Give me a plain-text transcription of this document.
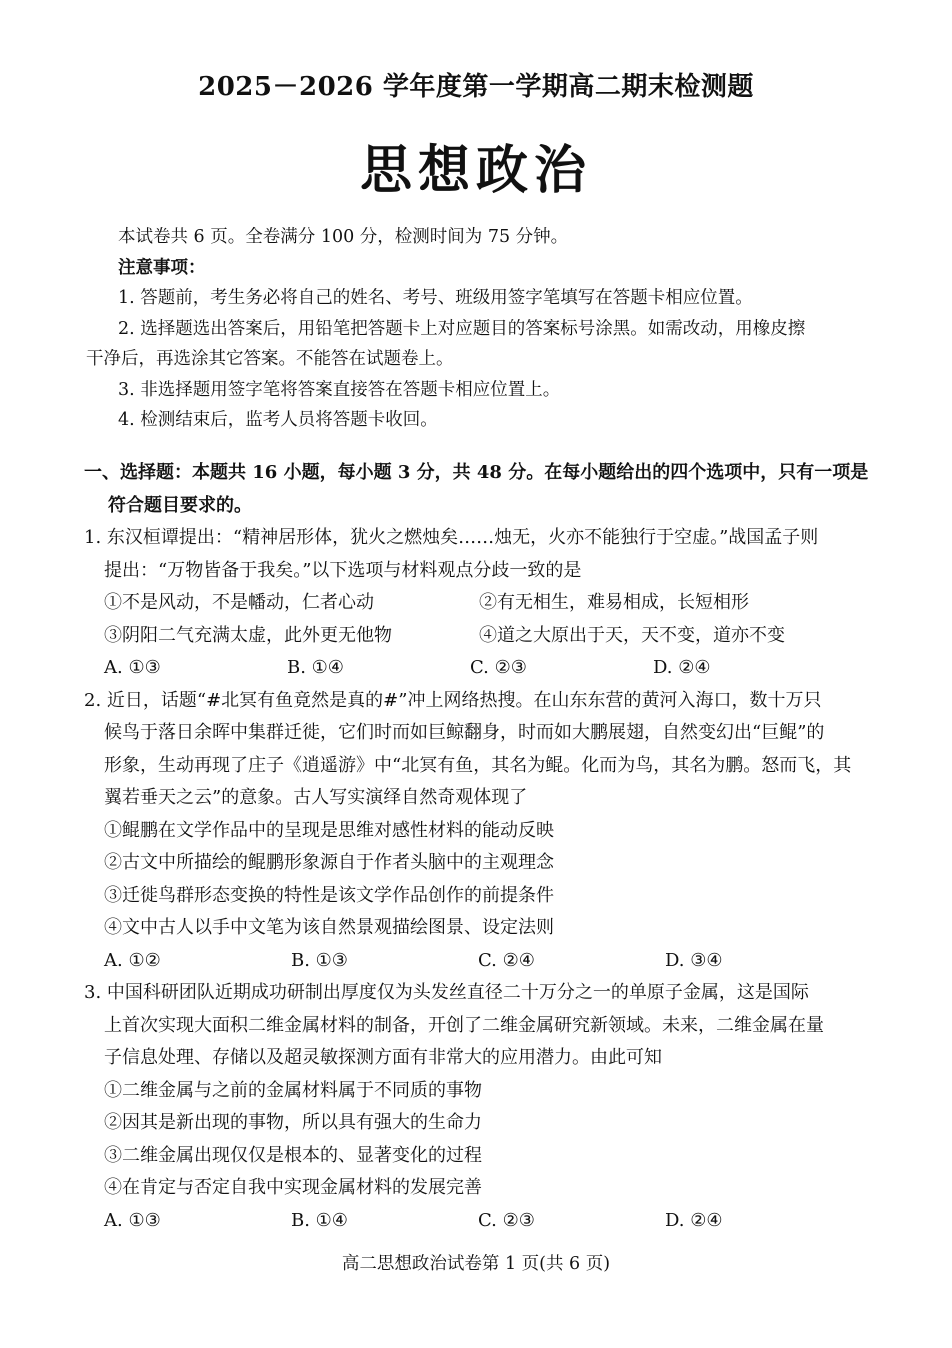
2025－2026 学年度第一学期高二期末检测题
思想政治
本试卷共 6 页。全卷满分 100 分，检测时间为 75 分钟。
注意事项：
1. 答题前，考生务必将自己的姓名、考号、班级用签字笔填写在答题卡相应位置。
2. 选择题选出答案后，用铅笔把答题卡上对应题目的答案标号涂黑。如需改动，用橡皮擦
干净后，再选涂其它答案。不能答在试题卷上。
3. 非选择题用签字笔将答案直接答在答题卡相应位置上。
4. 检测结束后，监考人员将答题卡收回。
一、选择题：本题共 16 小题，每小题 3 分，共 48 分。在每小题给出的四个选项中，只有一项是
符合题目要求的。
1. 东汉桓谭提出：“精神居形体，犹火之燃烛矣……烛无，火亦不能独行于空虚。”战国孟子则
提出：“万物皆备于我矣。”以下选项与材料观点分歧一致的是
①不是风动，不是幡动，仁者心动	②有无相生，难易相成，长短相形
③阴阳二气充满太虚，此外更无他物	④道之大原出于天，天不变，道亦不变
A. ①③	B. ①④	C. ②③	D. ②④
2. 近日，话题“#北冥有鱼竟然是真的#”冲上网络热搜。在山东东营的黄河入海口，数十万只
候鸟于落日余晖中集群迁徙，它们时而如巨鲸翻身，时而如大鹏展翅，自然变幻出“巨鲲”的
形象，生动再现了庄子《逍遥游》中“北冥有鱼，其名为鲲。化而为鸟，其名为鹏。怒而飞，其
翼若垂天之云”的意象。古人写实演绎自然奇观体现了
①鲲鹏在文学作品中的呈现是思维对感性材料的能动反映
②古文中所描绘的鲲鹏形象源自于作者头脑中的主观理念
③迁徙鸟群形态变换的特性是该文学作品创作的前提条件
④文中古人以手中文笔为该自然景观描绘图景、设定法则
A. ①②	B. ①③	C. ②④	D. ③④
3. 中国科研团队近期成功研制出厚度仅为头发丝直径二十万分之一的单原子金属，这是国际
上首次实现大面积二维金属材料的制备，开创了二维金属研究新领域。未来，二维金属在量
子信息处理、存储以及超灵敏探测方面有非常大的应用潜力。由此可知
①二维金属与之前的金属材料属于不同质的事物
②因其是新出现的事物，所以具有强大的生命力
③二维金属出现仅仅是根本的、显著变化的过程
④在肯定与否定自我中实现金属材料的发展完善
A. ①③	B. ①④	C. ②③	D. ②④
高二思想政治试卷第 1 页(共 6 页)
